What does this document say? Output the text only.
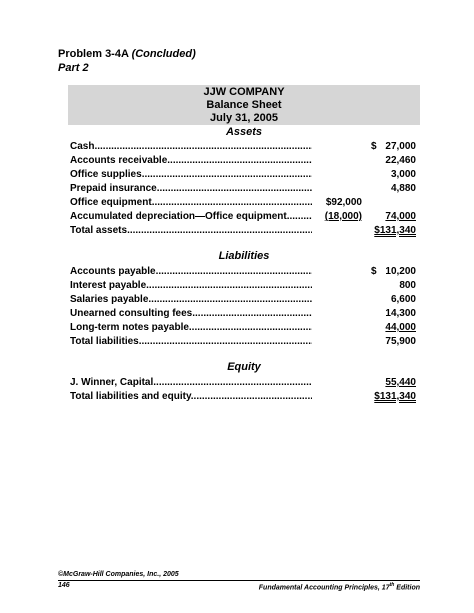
Problem 3-4A (Concluded)
Part 2
JJW COMPANY
Balance Sheet
July 31, 2005
Assets
Cash .....	$ 27,000
Accounts receivable .....	22,460
Office supplies .....	3,000
Prepaid insurance .....	4,880
Office equipment .....	$92,000
Accumulated depreciation—Office equipment .....	(18,000)	74,000
Total assets .....	$131,340
Liabilities
Accounts payable .....	$ 10,200
Interest payable .....	800
Salaries payable .....	6,600
Unearned consulting fees .....	14,300
Long-term notes payable .....	44,000
Total liabilities .....	75,900
Equity
J. Winner, Capital .....	55,440
Total liabilities and equity .....	$131,340
©McGraw-Hill Companies, Inc., 2005
146	Fundamental Accounting Principles, 17th Edition
